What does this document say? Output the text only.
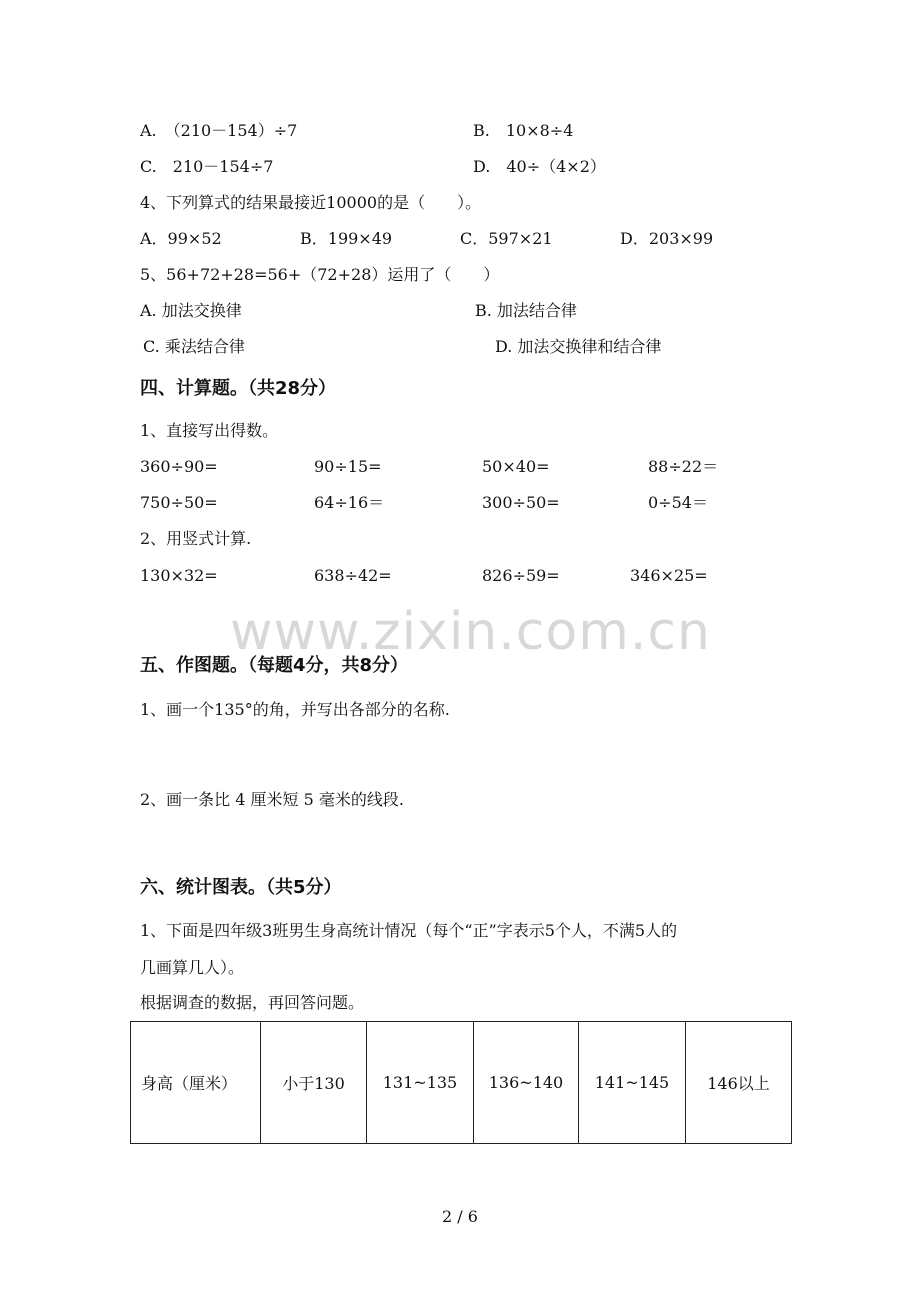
A.　（210－154）÷7	B.　10×8÷4
C.　210－154÷7	D.　40÷（4×2）
4、下列算式的结果最接近10000的是（　　）。
A．99×52	B．199×49	C．597×21	D．203×99
5、56+72+28=56+（72+28）运用了（　　）
A. 加法交换律	B. 加法结合律
C. 乘法结合律	D. 加法交换律和结合律
四、计算题。（共28分）
1、直接写出得数。
360÷90=	90÷15=	50×40=	88÷22＝
750÷50=	64÷16＝	300÷50=	0÷54＝
2、用竖式计算.
130×32=	638÷42=	826÷59=	346×25=
www.zixin.com.cn
五、作图题。（每题4分，共8分）
1、画一个135°的角，并写出各部分的名称.
2、画一条比 4 厘米短 5 毫米的线段.
六、统计图表。（共5分）
1、下面是四年级3班男生身高统计情况（每个“正”字表示5个人，不满5人的
几画算几人）。
根据调查的数据，再回答问题。
身高（厘米）	小于130	131~135	136~140	141~145	146以上
2 / 6
